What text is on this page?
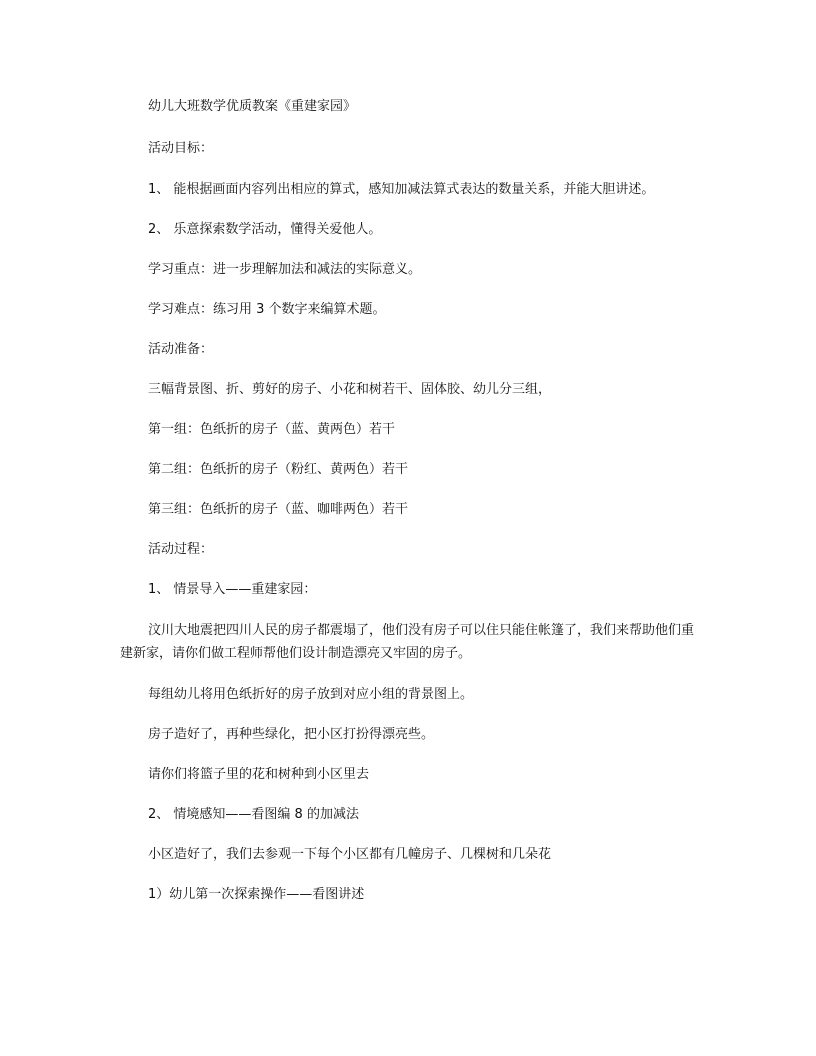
幼儿大班数学优质教案《重建家园》

活动目标：

1、 能根据画面内容列出相应的算式，感知加减法算式表达的数量关系，并能大胆讲述。

2、 乐意探索数学活动，懂得关爱他人。

学习重点：进一步理解加法和减法的实际意义。

学习难点：练习用 3 个数字来编算术题。

活动准备：

三幅背景图、折、剪好的房子、小花和树若干、固体胶、幼儿分三组，

第一组：色纸折的房子（蓝、黄两色）若干

第二组：色纸折的房子（粉红、黄两色）若干

第三组：色纸折的房子（蓝、咖啡两色）若干

活动过程：

1、 情景导入——重建家园：

汶川大地震把四川人民的房子都震塌了，他们没有房子可以住只能住帐篷了，我们来帮助他们重建新家，请你们做工程师帮他们设计制造漂亮又牢固的房子。

每组幼儿将用色纸折好的房子放到对应小组的背景图上。

房子造好了，再种些绿化，把小区打扮得漂亮些。

请你们将篮子里的花和树种到小区里去

2、 情境感知——看图编 8 的加减法

小区造好了，我们去参观一下每个小区都有几幢房子、几棵树和几朵花

1）幼儿第一次探索操作——看图讲述
